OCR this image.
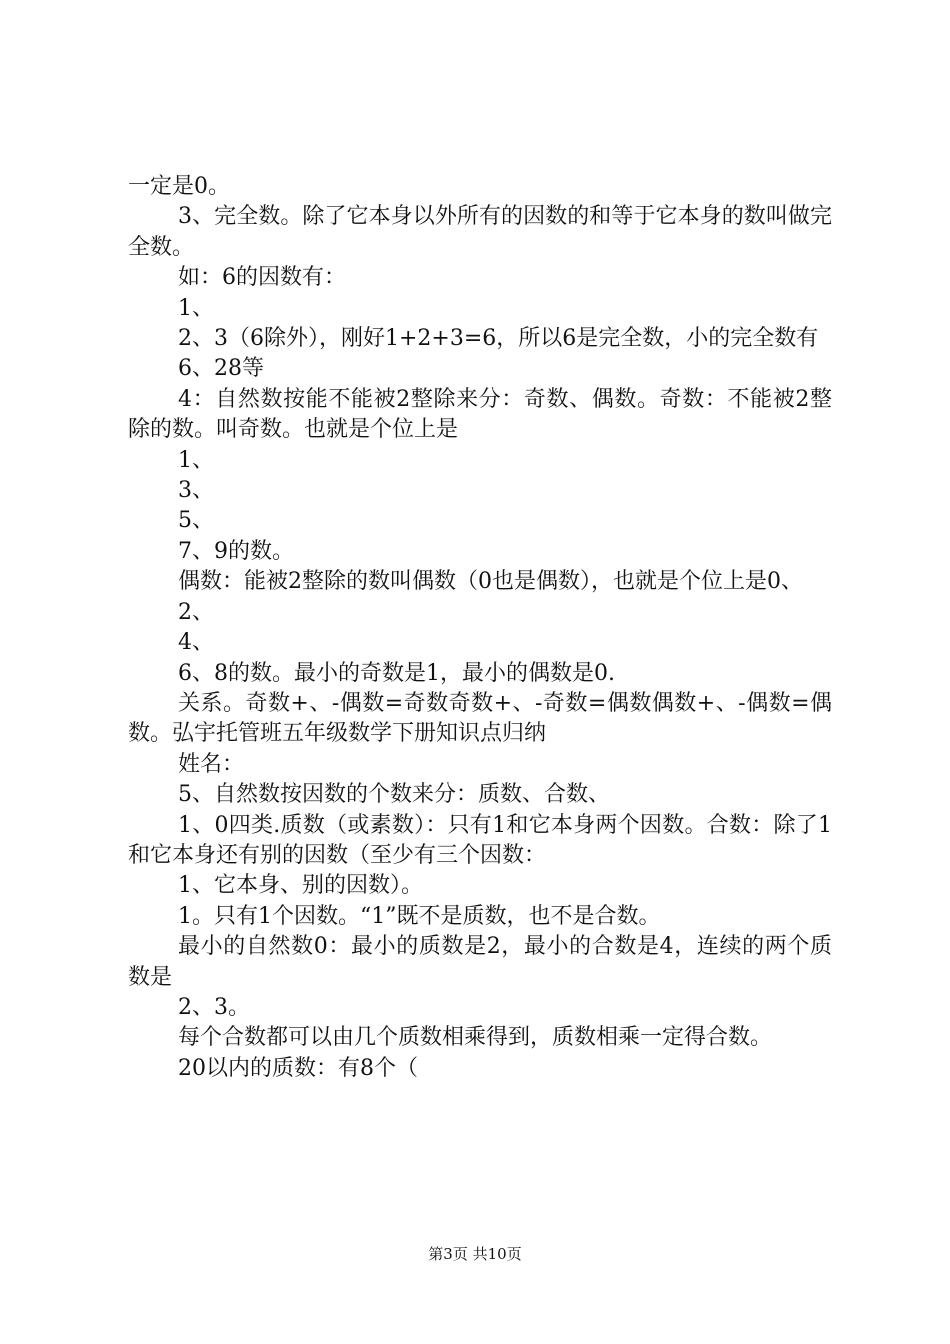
一定是0。

3、完全数。除了它本身以外所有的因数的和等于它本身的数叫做完全数。

如：6的因数有：

1、

2、3（6除外），刚好1+2+3=6，所以6是完全数，小的完全数有

6、28等

4：自然数按能不能被2整除来分：奇数、偶数。奇数：不能被2整除的数。叫奇数。也就是个位上是

1、

3、

5、

7、9的数。

偶数：能被2整除的数叫偶数（0也是偶数），也就是个位上是0、

2、

4、

6、8的数。最小的奇数是1，最小的偶数是0.

关系。奇数+、-偶数=奇数奇数+、-奇数=偶数偶数+、-偶数=偶数。弘宇托管班五年级数学下册知识点归纳

姓名：

5、自然数按因数的个数来分：质数、合数、

1、0四类.质数（或素数）：只有1和它本身两个因数。合数：除了1和它本身还有别的因数（至少有三个因数：

1、它本身、别的因数）。

1。只有1个因数。“1”既不是质数，也不是合数。

最小的自然数0：最小的质数是2，最小的合数是4，连续的两个质数是

2、3。

每个合数都可以由几个质数相乘得到，质数相乘一定得合数。

20以内的质数：有8个（

第3页 共10页
